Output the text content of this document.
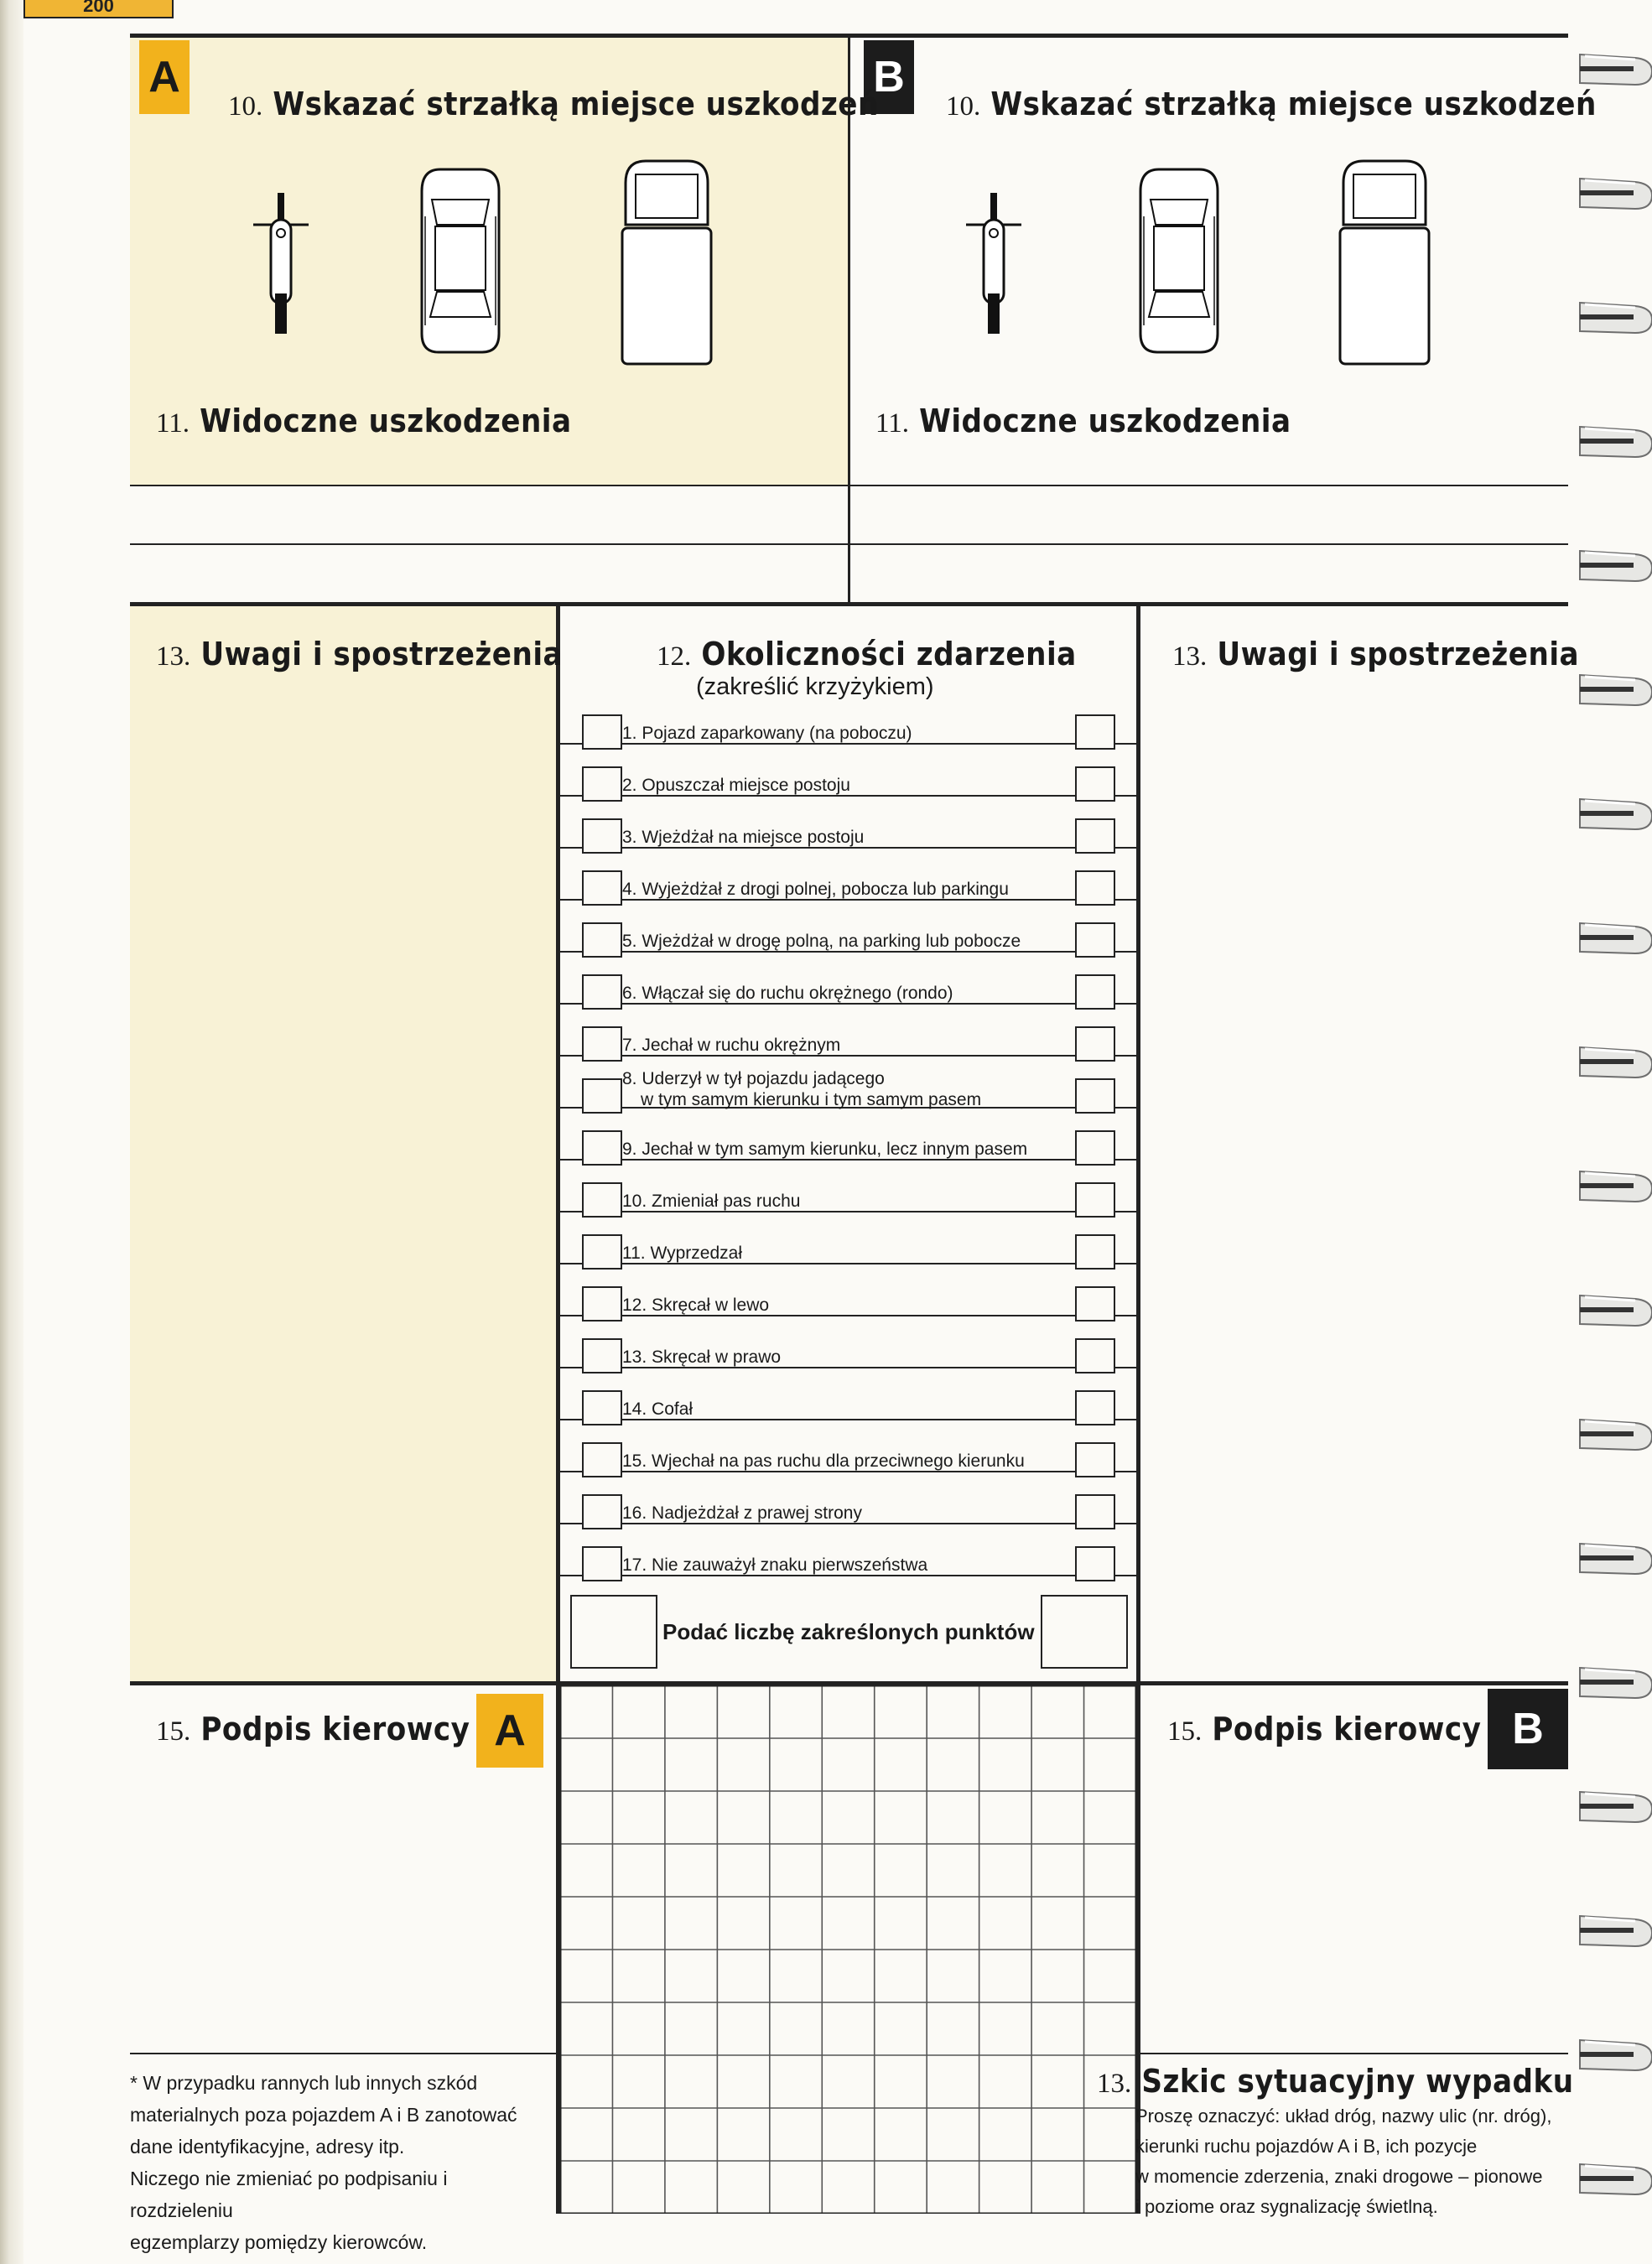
200
A	B
10. Wskazać strzałką miejsce uszkodzeń 10. Wskazać strzałką miejsce uszkodzeń
11. Widoczne uszkodzenia	11. Widoczne uszkodzenia
13. Uwagi i spostrzeżenia	13. Uwagi i spostrzeżenia
12. Okoliczności zdarzenia
(zakreślić krzyżykiem)
1. Pojazd zaparkowany (na poboczu)
2. Opuszczał miejsce postoju
3. Wjeżdżał na miejsce postoju
4. Wyjeżdżał z drogi polnej, pobocza lub parkingu
5. Wjeżdżał w drogę polną, na parking lub pobocze
6. Włączał się do ruchu okrężnego (rondo)
7. Jechał w ruchu okrężnym
8. Uderzył w tył pojazdu jadącego
w tym samym kierunku i tym samym pasem
9. Jechał w tym samym kierunku, lecz innym pasem
10. Zmieniał pas ruchu
11. Wyprzedzał
12. Skręcał w lewo
13. Skręcał w prawo
14. Cofał
15. Wjechał na pas ruchu dla przeciwnego kierunku
16. Nadjeżdżał z prawej strony
17. Nie zauważył znaku pierwszeństwa
Podać liczbę zakreślonych punktów
15. Podpis kierowcy A	15. Podpis kierowcy B
* W przypadku rannych lub innych szkód
materialnych poza pojazdem A i B zanotować
dane identyfikacyjne, adresy itp.
Niczego nie zmieniać po podpisaniu i rozdzieleniu
egzemplarzy pomiędzy kierowców.
13. Szkic sytuacyjny wypadku
Proszę oznaczyć: układ dróg, nazwy ulic (nr. dróg),
kierunki ruchu pojazdów A i B, ich pozycje
w momencie zderzenia, znaki drogowe – pionowe
i poziome oraz sygnalizację świetlną.
